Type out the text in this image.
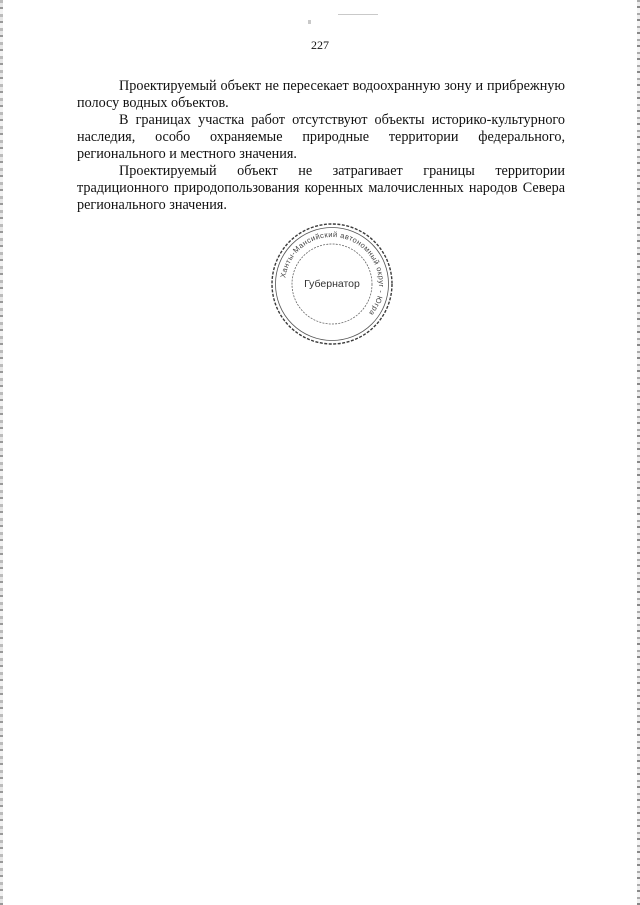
227

Проектируемый объект не пересекает водоохранную зону и прибрежную полосу водных объектов.

В границах участка работ отсутствуют объекты историко-культурного наследия, особо охраняемые природные территории федерального, регионального и местного значения.

Проектируемый объект не затрагивает границы территории традиционного природопользования коренных малочисленных народов Севера регионального значения.

Ханты-Мансийский автономный округ - Югра
Губернатор
